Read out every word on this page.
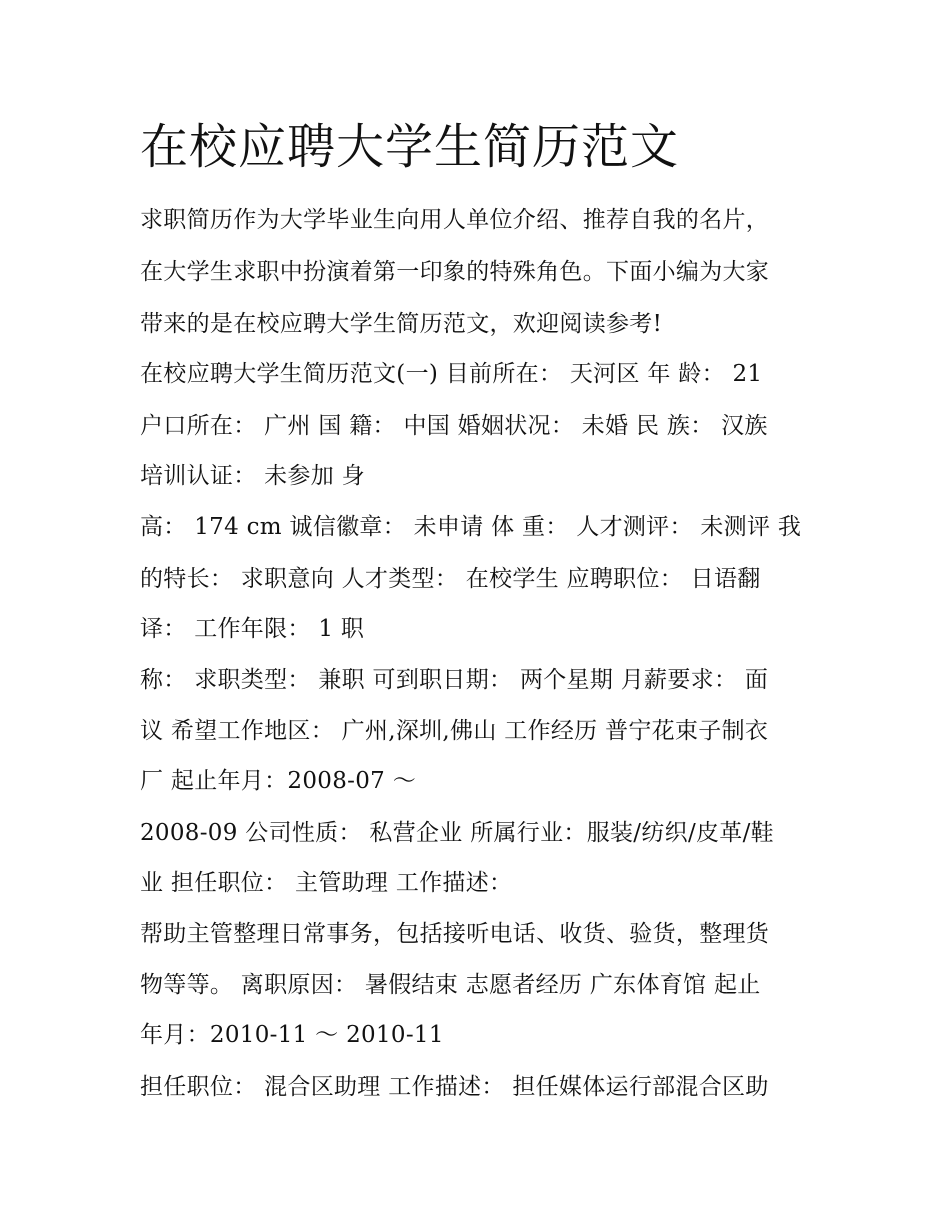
在校应聘大学生简历范文

求职简历作为大学毕业生向用人单位介绍、推荐自我的名片，

在大学生求职中扮演着第一印象的特殊角色。下面小编为大家

带来的是在校应聘大学生简历范文，欢迎阅读参考!

在校应聘大学生简历范文(一) 目前所在： 天河区 年 龄： 21

户口所在： 广州 国 籍： 中国 婚姻状况： 未婚 民 族： 汉族

培训认证： 未参加 身

高： 174 cm 诚信徽章： 未申请 体 重： 人才测评： 未测评 我

的特长： 求职意向 人才类型： 在校学生 应聘职位： 日语翻

译： 工作年限： 1 职

称： 求职类型： 兼职 可到职日期： 两个星期 月薪要求： 面

议 希望工作地区： 广州,深圳,佛山 工作经历 普宁花束子制衣

厂 起止年月：2008-07 ～

2008-09 公司性质： 私营企业 所属行业：服装/纺织/皮革/鞋

业 担任职位： 主管助理 工作描述：

帮助主管整理日常事务，包括接听电话、收货、验货，整理货

物等等。 离职原因： 暑假结束 志愿者经历 广东体育馆 起止

年月：2010-11 ～ 2010-11

担任职位： 混合区助理 工作描述： 担任媒体运行部混合区助
